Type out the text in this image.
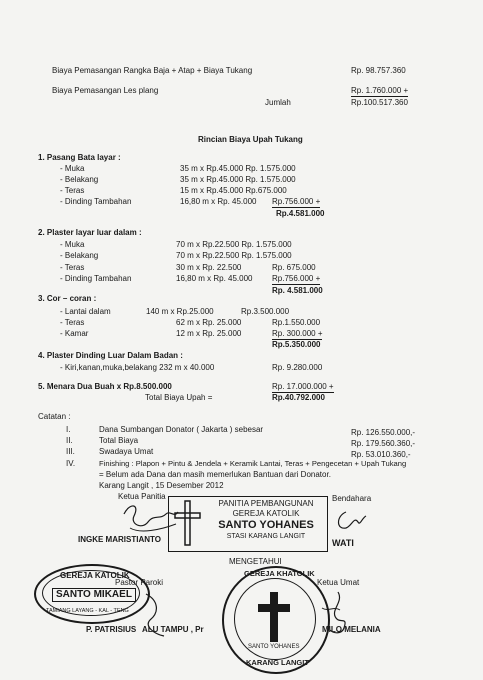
Biaya Pemasangan Rangka Baja + Atap + Biaya Tukang	Rp. 98.757.360
Biaya Pemasangan Les plang	Rp. 1.760.000 +
Jumlah	Rp.100.517.360
Rincian Biaya Upah Tukang
1. Pasang Bata layar :
- Muka	35 m x Rp.45.000 Rp. 1.575.000
- Belakang	35 m x Rp.45.000 Rp. 1.575.000
- Teras	15 m x Rp.45.000 Rp.675.000
- Dinding Tambahan	16,80 m x Rp. 45.000 Rp.756.000 +
Rp.4.581.000
2. Plaster layar luar dalam :
- Muka	70 m x Rp.22.500 Rp. 1.575.000
- Belakang	70 m x Rp.22.500 Rp. 1.575.000
- Teras	30 m x Rp. 22.500	Rp. 675.000
- Dinding Tambahan	16,80 m x Rp. 45.000 Rp.756.000 +
Rp. 4.581.000
3. Cor – coran :
- Lantai dalam	140 m x Rp.25.000	Rp.3.500.000
- Teras	62 m x Rp. 25.000	Rp.1.550.000
- Kamar	12 m x Rp. 25.000	Rp. 300.000 +
Rp.5.350.000
4. Plaster Dinding Luar Dalam Badan :
- Kiri,kanan,muka,belakang 232 m x 40.000	Rp. 9.280.000
5. Menara Dua Buah x Rp.8.500.000	Rp. 17.000.000 +
Total Biaya Upah =	Rp.40.792.000
Catatan :
I.	Dana Sumbangan Donator ( Jakarta ) sebesar	Rp. 126.550.000,-
II.	Total Biaya	Rp. 179.560.360,-
III.	Swadaya Umat	Rp. 53.010.360,-
IV.	Finishing : Plapon + Pintu & Jendela + Keramik Lantai, Teras + Pengecetan + Upah Tukang
= Belum ada Dana dan masih memerlukan Bantuan dari Donator.
Karang Langit , 15 Desember 2012
Ketua Panitia	Bendahara
PANITIA PEMBANGUNAN
GEREJA KATOLIK
SANTO YOHANES
STASI KARANG LANGIT
INGKE MARISTIANTO	WATI
MENGETAHUI
Pastor Paroki	Ketua Umat
GEREJA KATOLIK
SANTO MIKAEL
TAMIANG LAYANG - KAL - TENG
GEREJA KHATOLIK
SANTO YOHANES
KARANG LANGIT
P. PATRISIUS ALU TAMPU , Pr	MILO MELANIA
